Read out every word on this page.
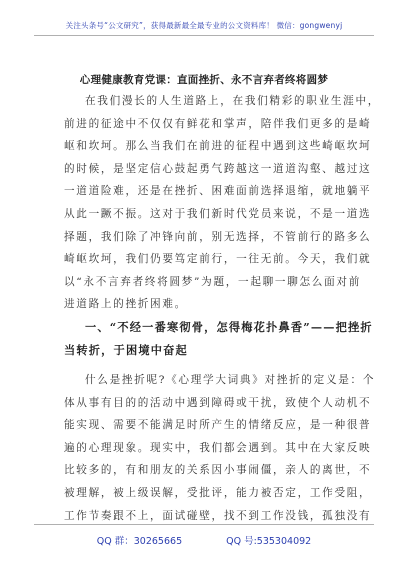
关注头条号“公文研究”，获得最新最全最专业的公文资料库！ 微信：gongwenyj
心理健康教育党课：直面挫折、永不言弃者终将圆梦
在我们漫长的人生道路上，在我们精彩的职业生涯中，
前进的征途中不仅仅有鲜花和掌声，陪伴我们更多的是崎
岖和坎坷。那么当我们在前进的征程中遇到这些崎岖坎坷
的时候，是坚定信心鼓起勇气跨越这一道道沟壑、越过这
一道道险难，还是在挫折、困难面前选择退缩，就地躺平
从此一蹶不振。这对于我们新时代党员来说，不是一道选
择题，我们除了冲锋向前，别无选择，不管前行的路多么
崎岖坎坷，我们仍要笃定前行，一往无前。今天，我们就
以“永不言弃者终将圆梦”为题，一起聊一聊怎么面对前
进道路上的挫折困难。
一、“不经一番寒彻骨，怎得梅花扑鼻香”——把挫折
当转折，于困境中奋起
什么是挫折呢?《心理学大词典》对挫折的定义是：个
体从事有目的的活动中遇到障碍或干扰，致使个人动机不
能实现、需要不能满足时所产生的情绪反应，是一种很普
遍的心理现象。现实中，我们都会遇到。其中在大家反映
比较多的，有和朋友的关系因小事闹僵，亲人的离世，不
被理解，被上级误解，受批评，能力被否定，工作受阻，
工作节奏跟不上，面试碰壁，找不到工作没钱，孤独没有
QQ 群：30265665	QQ 号:535304092
